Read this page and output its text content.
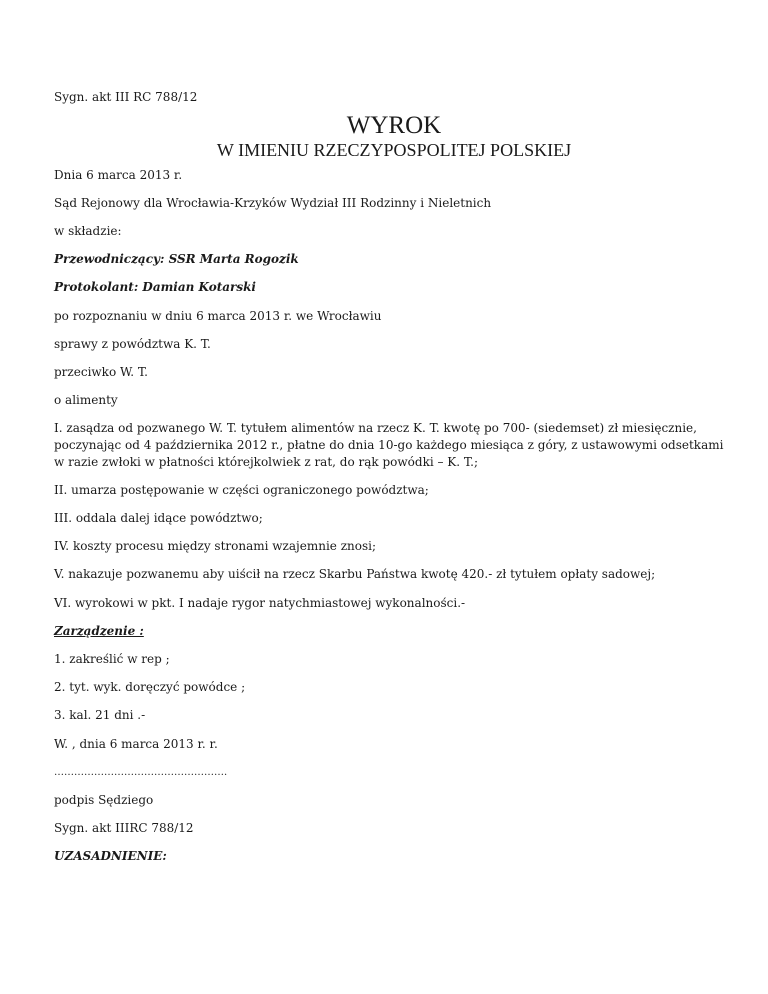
Sygn. akt III RC 788/12

WYROK

W IMIENIU RZECZYPOSPOLITEJ POLSKIEJ

Dnia 6 marca 2013 r.

Sąd Rejonowy dla Wrocławia-Krzyków Wydział III Rodzinny i Nieletnich

w składzie:

Przewodniczący: SSR Marta Rogozik

Protokolant: Damian Kotarski

po rozpoznaniu w dniu 6 marca 2013 r. we Wrocławiu

sprawy z powództwa K. T.

przeciwko W. T.

o alimenty

I. zasądza od pozwanego W. T. tytułem alimentów na rzecz K. T. kwotę po 700- (siedemset) zł miesięcznie, poczynając od 4 października 2012 r., płatne do dnia 10-go każdego miesiąca z góry, z ustawowymi odsetkami w razie zwłoki w płatności którejkolwiek z rat, do rąk powódki – K. T.;

II. umarza postępowanie w części ograniczonego powództwa;

III. oddala dalej idące powództwo;

IV. koszty procesu między stronami wzajemnie znosi;

V. nakazuje pozwanemu aby uiścił na rzecz Skarbu Państwa kwotę 420.- zł tytułem opłaty sadowej;

VI. wyrokowi w pkt. I nadaje rygor natychmiastowej wykonalności.-

Zarządzenie :

1. zakreślić w rep ;

2. tyt. wyk. doręczyć powódce ;

3. kal. 21 dni .-

W. , dnia 6 marca 2013 r. r.

…………………………………………….

podpis Sędziego

Sygn. akt IIIRC 788/12

UZASADNIENIE:
